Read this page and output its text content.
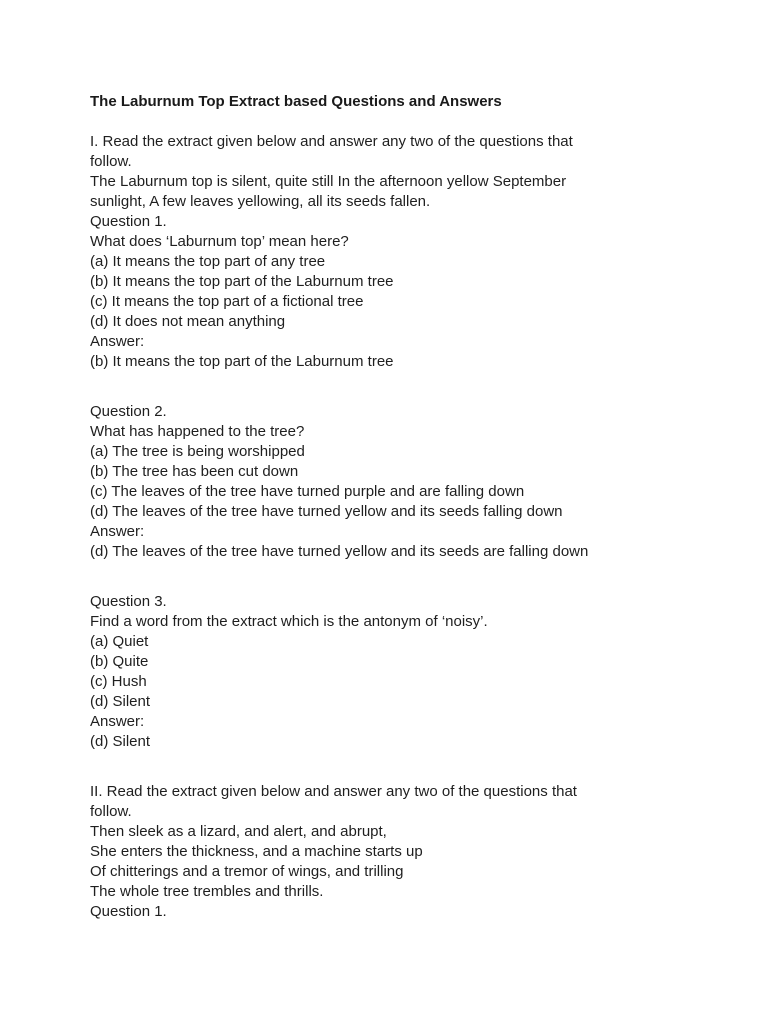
The Laburnum Top Extract based Questions and Answers

I. Read the extract given below and answer any two of the questions that

follow.

The Laburnum top is silent, quite still In the afternoon yellow September

sunlight, A few leaves yellowing, all its seeds fallen.

Question 1.

What does ‘Laburnum top’ mean here?

(a) It means the top part of any tree

(b) It means the top part of the Laburnum tree

(c) It means the top part of a fictional tree

(d) It does not mean anything

Answer:

(b) It means the top part of the Laburnum tree

Question 2.

What has happened to the tree?

(a) The tree is being worshipped

(b) The tree has been cut down

(c) The leaves of the tree have turned purple and are falling down

(d) The leaves of the tree have turned yellow and its seeds falling down

Answer:

(d) The leaves of the tree have turned yellow and its seeds are falling down

Question 3.

Find a word from the extract which is the antonym of ‘noisy’.

(a) Quiet

(b) Quite

(c) Hush

(d) Silent

Answer:

(d) Silent

II. Read the extract given below and answer any two of the questions that

follow.

Then sleek as a lizard, and alert, and abrupt,

She enters the thickness, and a machine starts up

Of chitterings and a tremor of wings, and trilling

The whole tree trembles and thrills.

Question 1.
